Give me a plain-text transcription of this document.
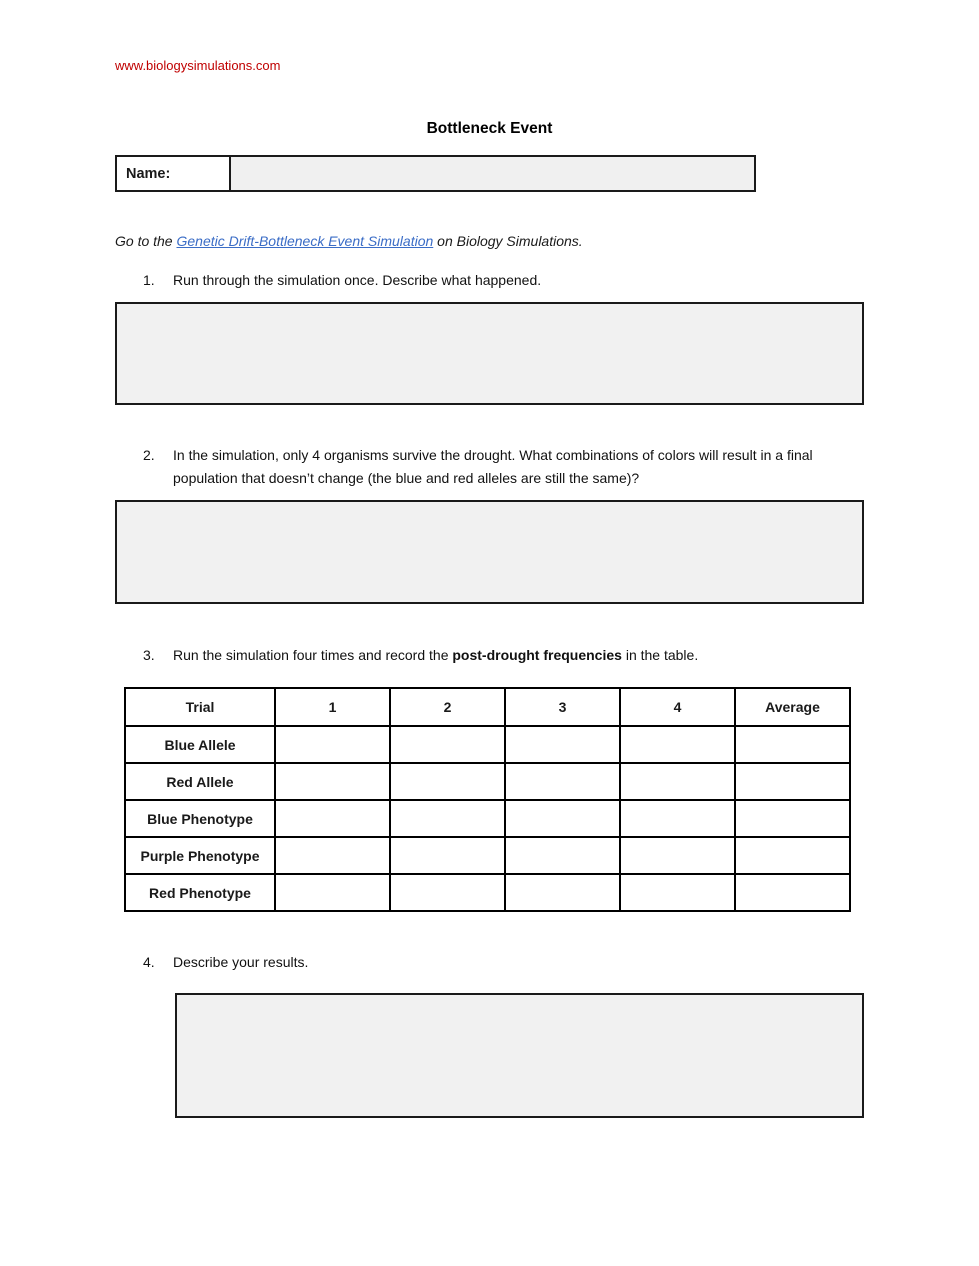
www.biologysimulations.com
Bottleneck Event
Name:
Go to the Genetic Drift-Bottleneck Event Simulation on Biology Simulations.
1.	Run through the simulation once. Describe what happened.
2.	In the simulation, only 4 organisms survive the drought. What combinations of colors will result in a final population that doesn’t change (the blue and red alleles are still the same)?
3.	Run the simulation four times and record the post-drought frequencies in the table.
Trial	1	2	3	4	Average
Blue Allele					
Red Allele					
Blue Phenotype					
Purple Phenotype					
Red Phenotype					
4.	Describe your results.
